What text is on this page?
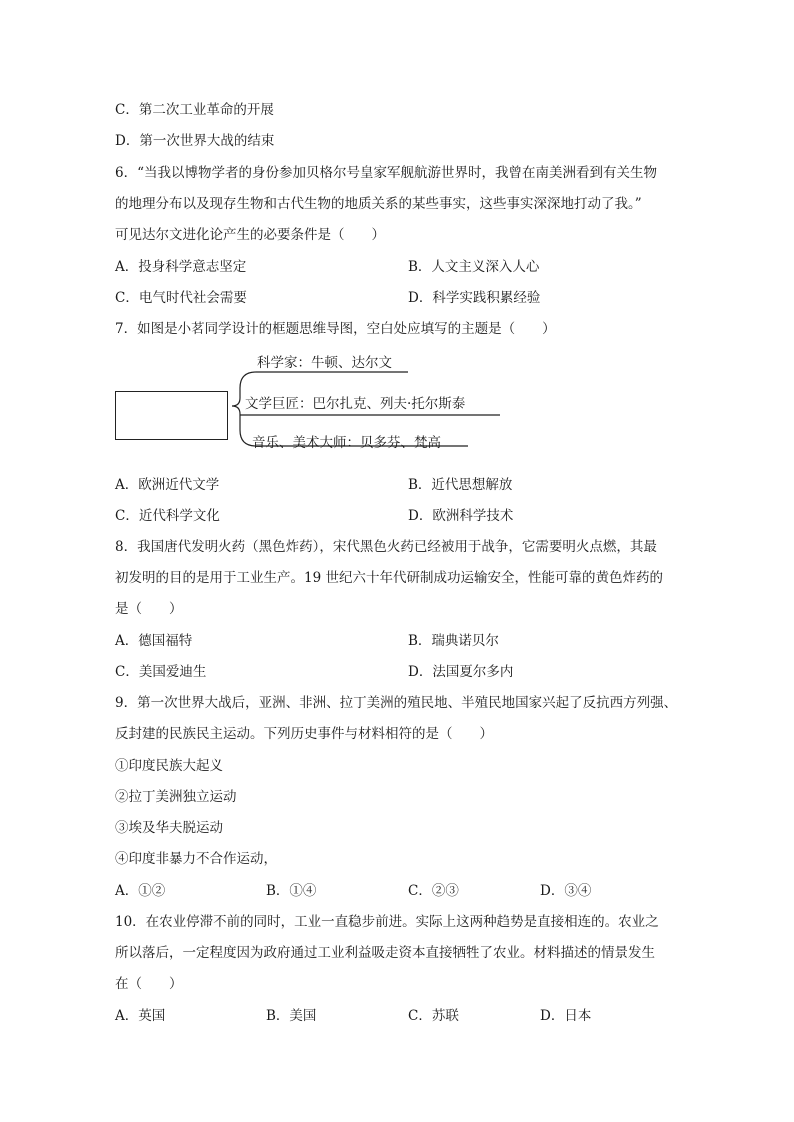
C．第二次工业革命的开展
D．第一次世界大战的结束
6．“当我以博物学者的身份参加贝格尔号皇家军舰航游世界时，我曾在南美洲看到有关生物
的地理分布以及现存生物和古代生物的地质关系的某些事实，这些事实深深地打动了我。”
可见达尔文进化论产生的必要条件是（　　）
A．投身科学意志坚定	B．人文主义深入人心
C．电气时代社会需要	D．科学实践积累经验
7．如图是小茗同学设计的框题思维导图，空白处应填写的主题是（　　）
科学家：牛顿、达尔文
文学巨匠：巴尔扎克、列夫·托尔斯泰
音乐、美术大师：贝多芬、梵高
A．欧洲近代文学	B．近代思想解放
C．近代科学文化	D．欧洲科学技术
8．我国唐代发明火药（黑色炸药），宋代黑色火药已经被用于战争，它需要明火点燃，其最
初发明的目的是用于工业生产。19 世纪六十年代研制成功运输安全，性能可靠的黄色炸药的
是（　　）
A．德国福特	B．瑞典诺贝尔
C．美国爱迪生	D．法国夏尔多内
9．第一次世界大战后，亚洲、非洲、拉丁美洲的殖民地、半殖民地国家兴起了反抗西方列强、
反封建的民族民主运动。下列历史事件与材料相符的是（　　）
①印度民族大起义
②拉丁美洲独立运动
③埃及华夫脱运动
④印度非暴力不合作运动，
A．①②	B．①④	C．②③	D．③④
10．在农业停滞不前的同时，工业一直稳步前进。实际上这两种趋势是直接相连的。农业之
所以落后，一定程度因为政府通过工业利益吸走资本直接牺牲了农业。材料描述的情景发生
在（　　）
A．英国	B．美国	C．苏联	D．日本
